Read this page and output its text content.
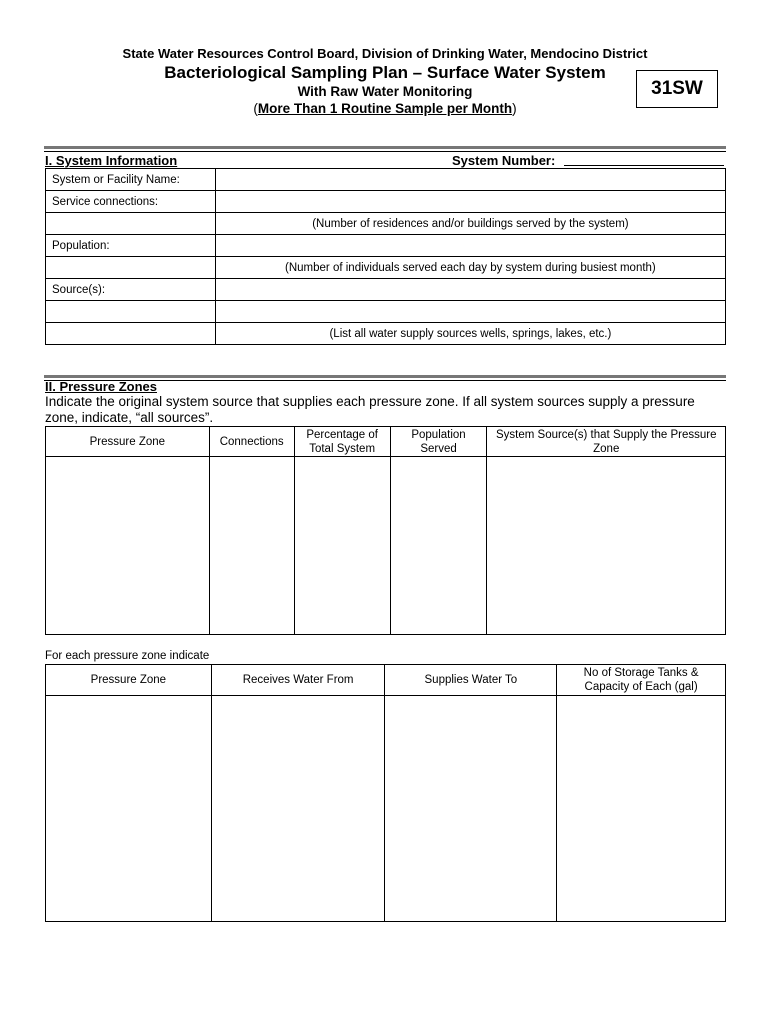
State Water Resources Control Board, Division of Drinking Water, Mendocino District
Bacteriological Sampling Plan – Surface Water System
With Raw Water Monitoring
(More Than 1 Routine Sample per Month)
31SW
I. System Information	System Number:
System or Facility Name:	
Service connections:	
	(Number of residences and/or buildings served by the system)
Population:	
	(Number of individuals served each day by system during busiest month)
Source(s):	

	(List all water supply sources wells, springs, lakes, etc.)
II. Pressure Zones
Indicate the original system source that supplies each pressure zone. If all system sources supply a pressure zone, indicate, “all sources”.
Pressure Zone	Connections	Percentage of Total System	Population Served	System Source(s) that Supply the Pressure Zone

For each pressure zone indicate
Pressure Zone	Receives Water From	Supplies Water To	No of Storage Tanks & Capacity of Each (gal)
